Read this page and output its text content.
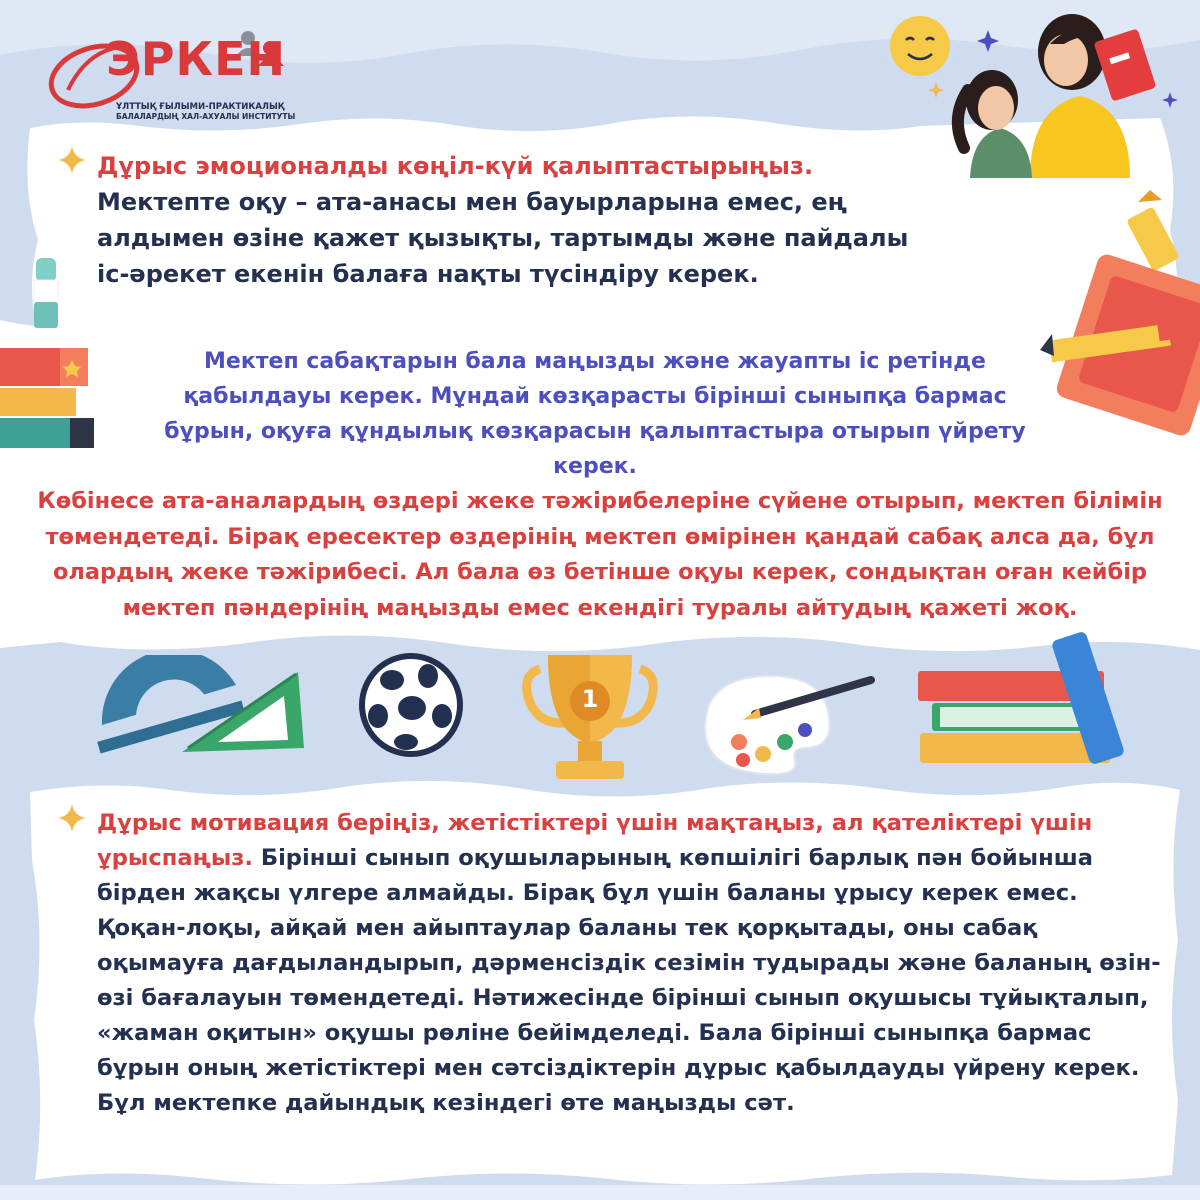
ЭРКЕН
ҰЛТТЫҚ ҒЫЛЫМИ-ПРАКТИКАЛЫҚ
БАЛАЛАРДЫҢ ХАЛ-АХУАЛЫ ИНСТИТУТЫ
1
Дұрыс эмоционалды көңіл-күй қалыптастырыңыз.
Мектепте оқу – ата-анасы мен бауырларына емес, ең алдымен өзіне қажет қызықты, тартымды және пайдалы іс-әрекет екенін балаға нақты түсіндіру керек.
Мектеп сабақтарын бала маңызды және жауапты іс ретінде қабылдауы керек. Мұндай көзқарасты бірінші сыныпқа бармас бұрын, оқуға құндылық көзқарасын қалыптастыра отырып үйрету керек.
Көбінесе ата-аналардың өздері жеке тәжірибелеріне сүйене отырып, мектеп білімін төмендетеді. Бірақ ересектер өздерінің мектеп өмірінен қандай сабақ алса да, бұл олардың жеке тәжірибесі. Ал бала өз бетінше оқуы керек, сондықтан оған кейбір мектеп пәндерінің маңызды емес екендігі туралы айтудың қажеті жоқ.
Дұрыс мотивация беріңіз, жетістіктері үшін мақтаңыз, ал қателіктері үшін ұрыспаңыз. Бірінші сынып оқушыларының көпшілігі барлық пән бойынша бірден жақсы үлгере алмайды. Бірақ бұл үшін баланы ұрысу керек емес. Қоқан-лоқы, айқай мен айыптаулар баланы тек қорқытады, оны сабақ оқымауға дағдыландырып, дәрменсіздік сезімін тудырады және баланың өзін-өзі бағалауын төмендетеді. Нәтижесінде бірінші сынып оқушысы тұйықталып, «жаман оқитын» оқушы рөліне бейімделеді. Бала бірінші сыныпқа бармас бұрын оның жетістіктері мен сәтсіздіктерін дұрыс қабылдауды үйрену керек. Бұл мектепке дайындық кезіндегі өте маңызды сәт.
